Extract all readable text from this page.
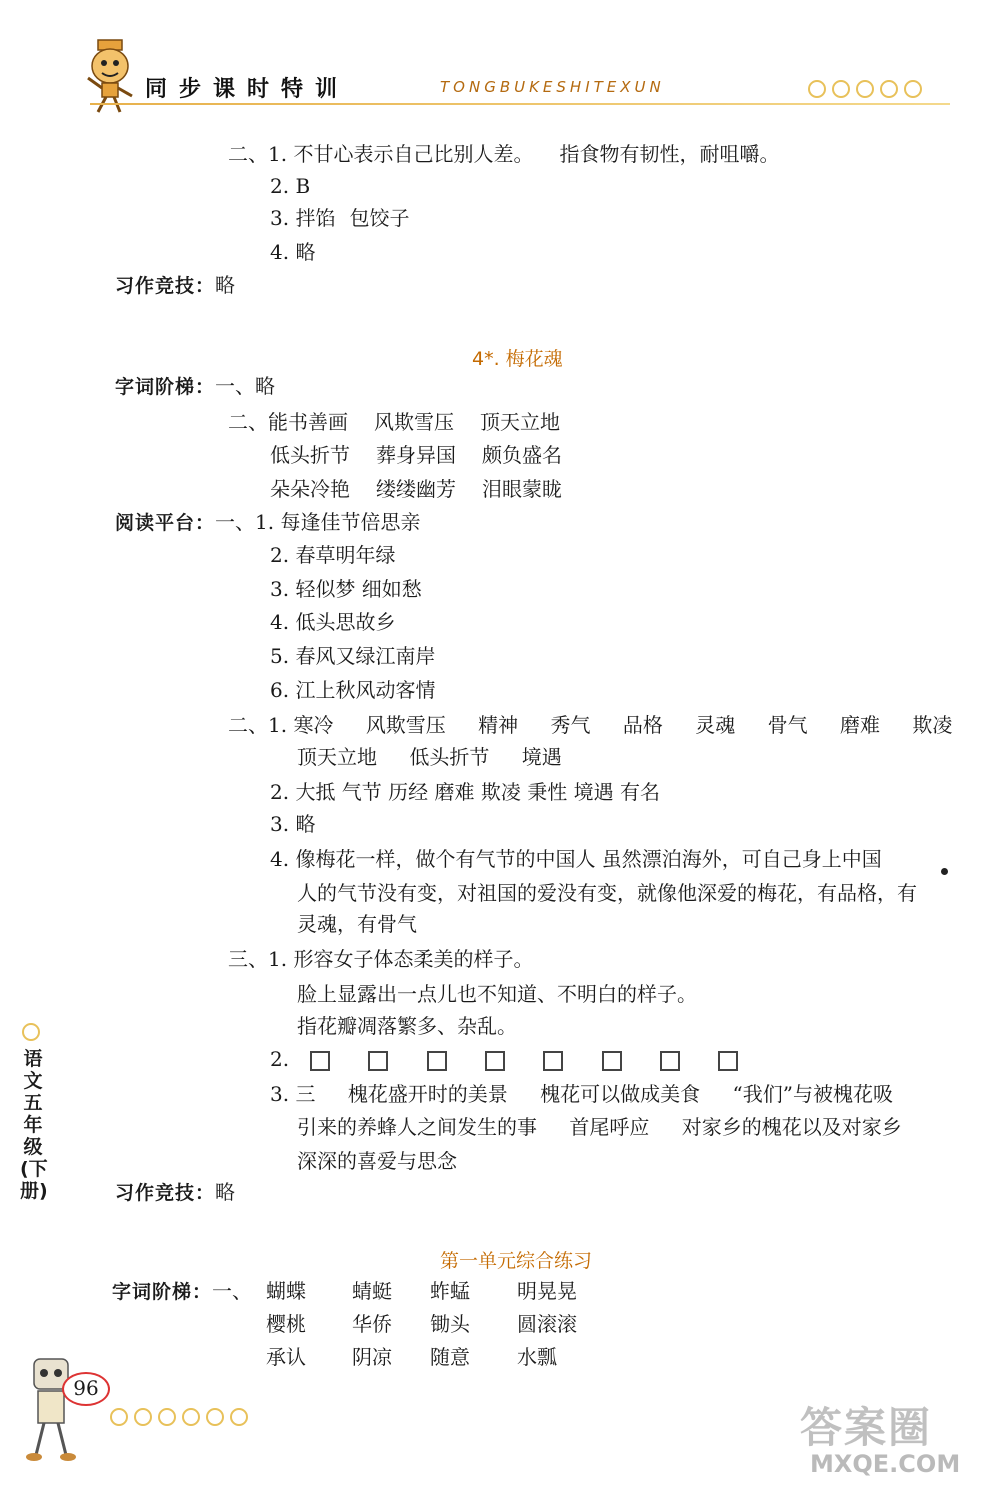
同步课时特训	TONGBUKESHITEXUN
二、1. 不甘心表示自己比别人差。 指食物有韧性，耐咀嚼。
2. B
3. 拌馅 包饺子
4. 略
习作竞技：略
4*. 梅花魂
字词阶梯：一、略
二、能书善画 风欺雪压 顶天立地
低头折节 葬身异国 颇负盛名
朵朵冷艳 缕缕幽芳 泪眼蒙眬
阅读平台：一、1. 每逢佳节倍思亲
2. 春草明年绿
3. 轻似梦 细如愁
4. 低头思故乡
5. 春风又绿江南岸
6. 江上秋风动客情
二、1. 寒冷 风欺雪压 精神 秀气 品格 灵魂 骨气 磨难 欺凌
顶天立地 低头折节 境遇
2. 大抵 气节 历经 磨难 欺凌 秉性 境遇 有名
3. 略
4. 像梅花一样，做个有气节的中国人 虽然漂泊海外，可自己身上中国
人的气节没有变，对祖国的爱没有变，就像他深爱的梅花，有品格，有
灵魂，有骨气
三、1. 形容女子体态柔美的样子。
脸上显露出一点儿也不知道、不明白的样子。
指花瓣凋落繁多、杂乱。
2.
3. 三 槐花盛开时的美景 槐花可以做成美食 “我们”与被槐花吸
引来的养蜂人之间发生的事 首尾呼应 对家乡的槐花以及对家乡
深深的喜爱与思念
习作竞技：略
第一单元综合练习
字词阶梯：一、 蝴蝶 蜻蜓 蚱蜢 明晃晃
樱桃 华侨 锄头 圆滚滚
承认 阴凉 随意 水瓢
语文 五年级(下册)
96
答案圈
MXQE.COM
